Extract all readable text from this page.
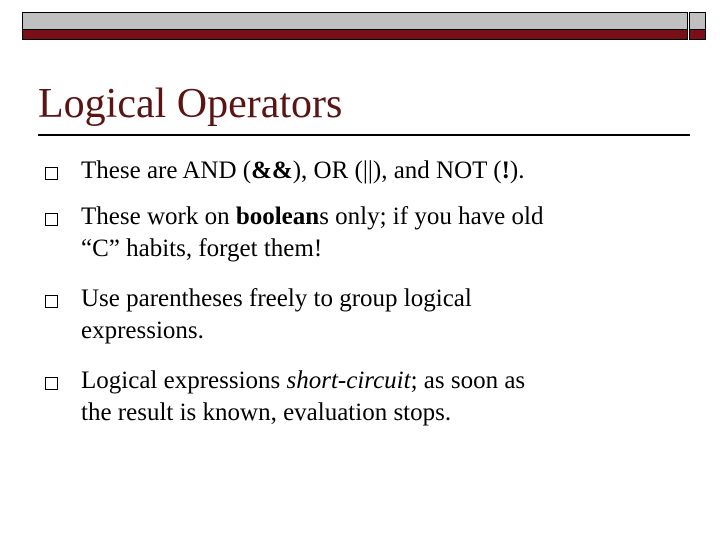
Logical Operators
These are AND (&&), OR (||), and NOT (!).
These work on booleans only; if you have old
“C” habits, forget them!
Use parentheses freely to group logical
expressions.
Logical expressions short-circuit; as soon as
the result is known, evaluation stops.
